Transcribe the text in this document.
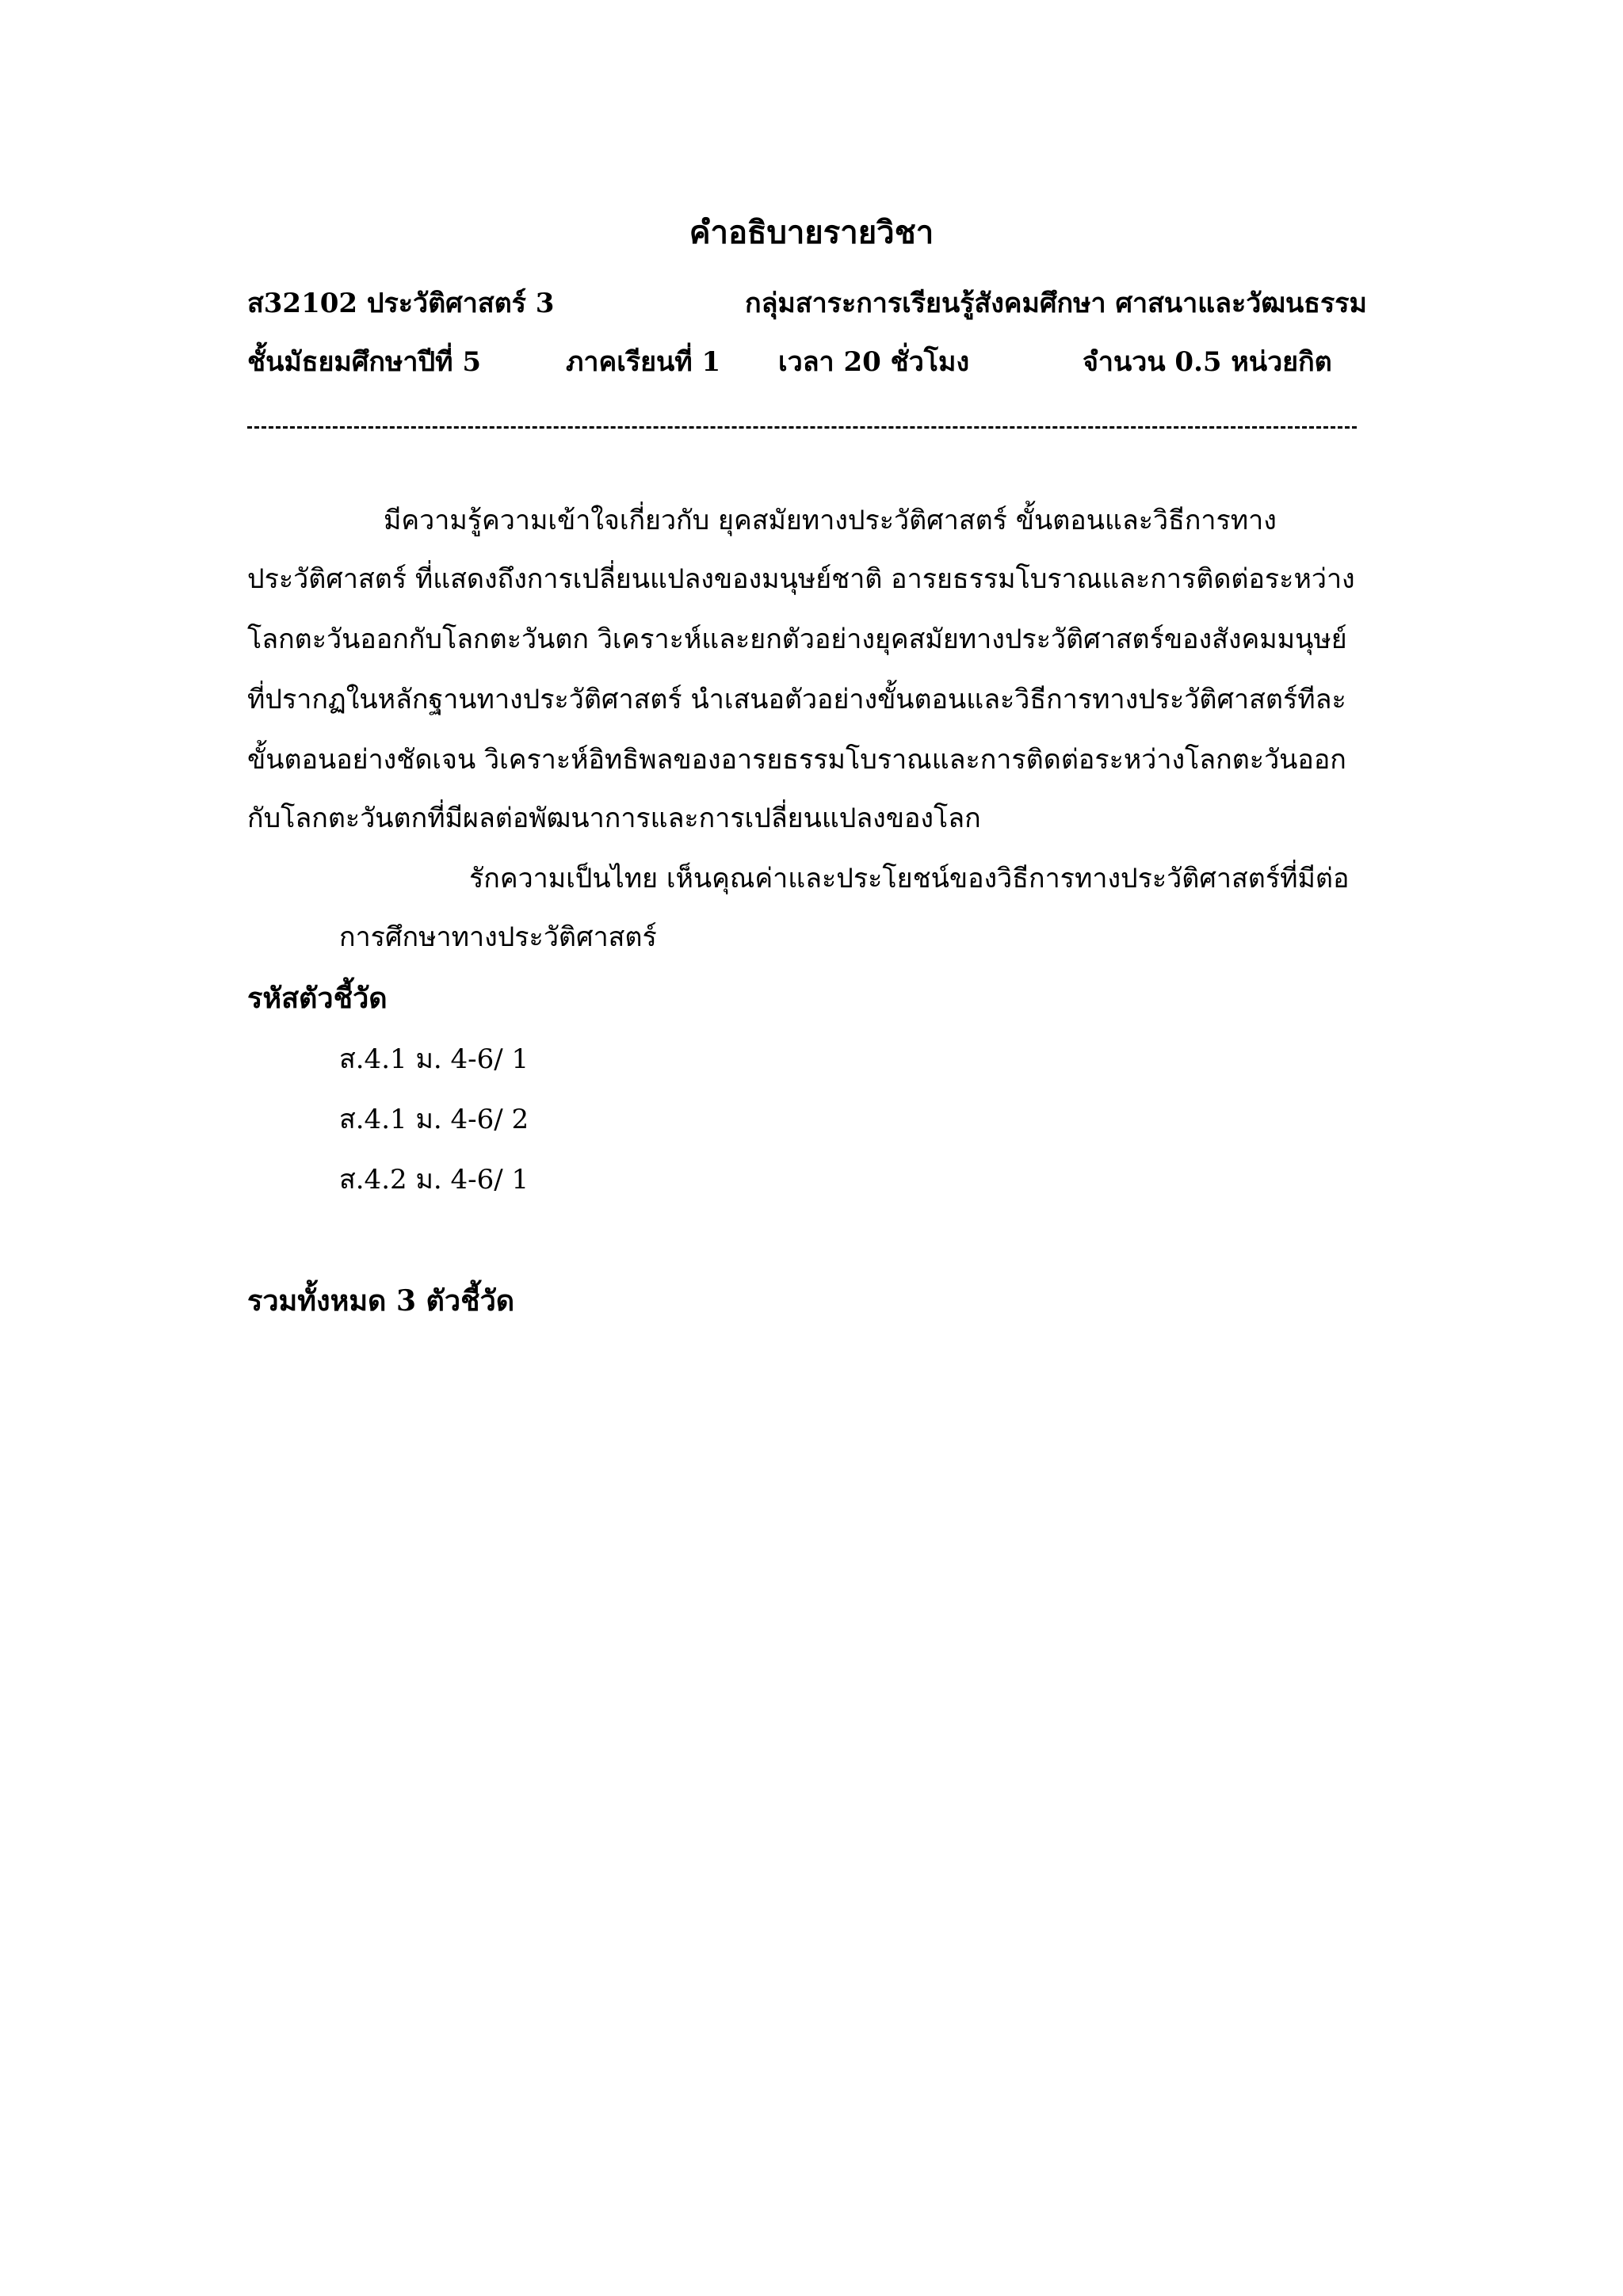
คำอธิบายรายวิชา
ส32102 ประวัติศาสตร์ 3	กลุ่มสาระการเรียนรู้สังคมศึกษา ศาสนาและวัฒนธรรม
ชั้นมัธยมศึกษาปีที่ 5	ภาคเรียนที่ 1 เวลา 20 ชั่วโมง	จำนวน 0.5 หน่วยกิต
มีความรู้ความเข้าใจเกี่ยวกับ ยุคสมัยทางประวัติศาสตร์ ขั้นตอนและวิธีการทาง
ประวัติศาสตร์ ที่แสดงถึงการเปลี่ยนแปลงของมนุษย์ชาติ อารยธรรมโบราณและการติดต่อระหว่าง
โลกตะวันออกกับโลกตะวันตก วิเคราะห์และยกตัวอย่างยุคสมัยทางประวัติศาสตร์ของสังคมมนุษย์
ที่ปรากฏในหลักฐานทางประวัติศาสตร์ นำเสนอตัวอย่างขั้นตอนและวิธีการทางประวัติศาสตร์ทีละ
ขั้นตอนอย่างชัดเจน วิเคราะห์อิทธิพลของอารยธรรมโบราณและการติดต่อระหว่างโลกตะวันออก
กับโลกตะวันตกที่มีผลต่อพัฒนาการและการเปลี่ยนแปลงของโลก
รักความเป็นไทย เห็นคุณค่าและประโยชน์ของวิธีการทางประวัติศาสตร์ที่มีต่อ
การศึกษาทางประวัติศาสตร์
รหัสตัวชี้วัด
ส.4.1 ม. 4-6/ 1
ส.4.1 ม. 4-6/ 2
ส.4.2 ม. 4-6/ 1
รวมทั้งหมด 3 ตัวชี้วัด
